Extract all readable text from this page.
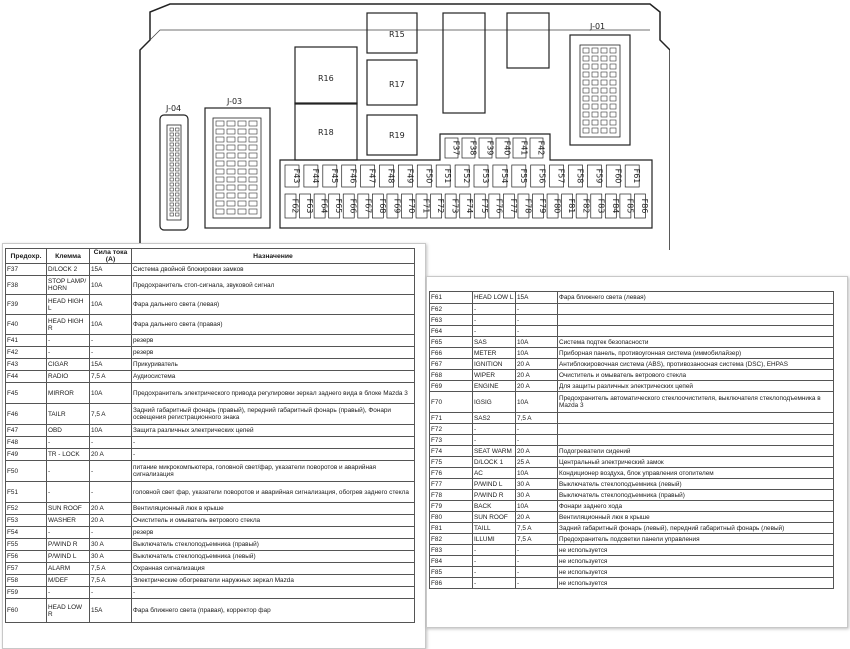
J-04
J-03
R16
R18
R15
R17
R19
J-01
F37 F38 F39 F40 F41 F42
F43 F44 F45 F46 F47 F48 F49 F50 F51 F52 F53 F54 F55 F56 F57 F58 F59 F60 F61
F62 F63 F64 F65 F66 F67 F68 F69 F70 F71 F72 F73 F74 F75 F76 F77 F78 F79 F80 F81 F82 F83 F84 F85 F86
Предохр.	Клемма	Сила тока (А)	Назначение
F37	D/LOCK 2	15A	Система двойной блокировки замков
F38	STOP LAMP/ HORN	10A	Предохранитель стоп-сигнала, звуковой сигнал
F39	HEAD HIGH L	10A	Фара дальнего света (левая)
F40	HEAD HIGH R	10A	Фара дальнего света (правая)
F41	-	-	резерв
F42	-	-	резерв
F43	CIGAR	15A	Прикуриватель
F44	RADIO	7,5 A	Аудиосистема
F45	MIRROR	10A	Предохранитель электрического привода регулировки зеркал заднего вида в блоке Mazda 3
F46	TAILR	7,5 A	Задний габаритный фонарь (правый), передний габаритный фонарь (правый), Фонари освещения регистрационного знака
F47	OBD	10A	Защита различных электрических цепей
F48	-	-	-
F49	TR - LOCK	20 A	-
F50	-	-	питание микрокомпьютера, головной свет/фар, указатели поворотов и аварийная сигнализация
F51	-	-	головной свет фар, указатели поворотов и аварийная сигнализация, обогрев заднего стекла
F52	SUN ROOF	20 A	Вентиляционный люк в крыше
F53	WASHER	20 A	Очиститель и омыватель ветрового стекла
F54	-	-	резерв
F55	P/WIND R	30 A	Выключатель стеклоподъемника (правый)
F56	P/WIND L	30 A	Выключатель стеклоподъемника (левый)
F57	ALARM	7,5 A	Охранная сигнализация
F58	M/DEF	7,5 A	Электрические обогреватели наружных зеркал Mazda
F59	-	-	-
F60	HEAD LOW R	15A	Фара ближнего света (правая), корректор фар
F61	HEAD LOW L	15A	Фара ближнего света (левая)
F62	-	-	
F63	-	-	
F64	-	-	
F65	SAS	10A	Система подтек безопасности
F66	METER	10A	Приборная панель, противоугонная система (иммобилайзер)
F67	IGNITION	20 A	Антиблокировочная система (ABS), противозаносная система (DSC), EHPAS
F68	WIPER	20 A	Очиститель и омыватель ветрового стекла
F69	ENGINE	20 A	Для защиты различных электрических цепей
F70	IGSIG	10A	Предохранитель автоматического стеклоочистителя, выключателя стеклоподъемника в Mazda 3
F71	SAS2	7,5 A	
F72	-	-	
F73	-	-	
F74	SEAT WARM	20 A	Подогреватели сидений
F75	D/LOCK 1	25 A	Центральный электрический замок
F76	AC	10A	Кондиционер воздуха, блок управления отопителем
F77	P/WIND L	30 A	Выключатель стеклоподъемника (левый)
F78	P/WIND R	30 A	Выключатель стеклоподъемника (правый)
F79	BACK	10A	Фонари заднего хода
F80	SUN ROOF	20 A	Вентиляционный люк в крыше
F81	TAILL	7,5 A	Задний габаритный фонарь (левый), передний габаритный фонарь (левый)
F82	ILLUMI	7,5 A	Предохранитель подсветки панели управления
F83	-	-	не используется
F84	-	-	не используется
F85	-	-	не используется
F86	-	-	не используется
